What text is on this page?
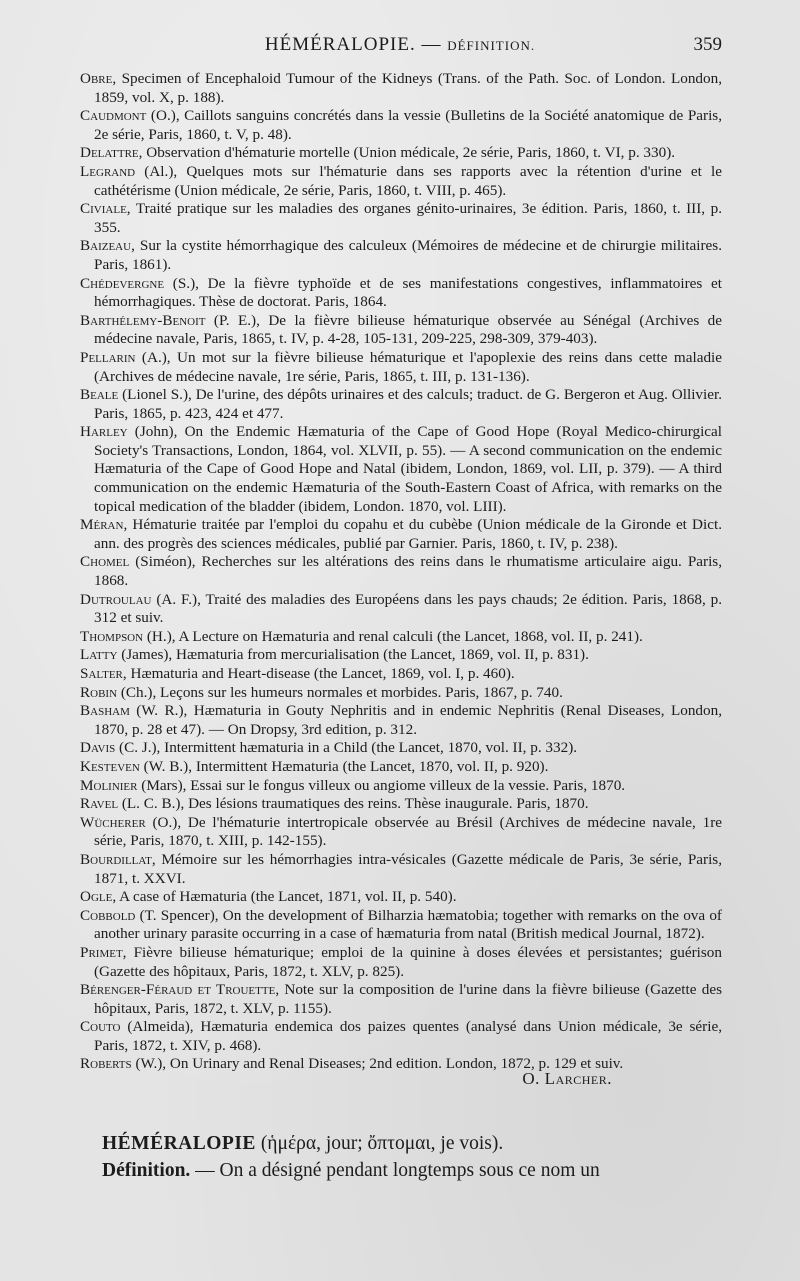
HÉMÉRALOPIE. — DÉFINITION.	359

Obre, Specimen of Encephaloid Tumour of the Kidneys (Trans. of the Path. Soc. of London. London, 1859, vol. X, p. 188).

Caudmont (O.), Caillots sanguins concrétés dans la vessie (Bulletins de la Société anatomique de Paris, 2e série, Paris, 1860, t. V, p. 48).

Delattre, Observation d'hématurie mortelle (Union médicale, 2e série, Paris, 1860, t. VI, p. 330).

Legrand (Al.), Quelques mots sur l'hématurie dans ses rapports avec la rétention d'urine et le cathétérisme (Union médicale, 2e série, Paris, 1860, t. VIII, p. 465).

Civiale, Traité pratique sur les maladies des organes génito-urinaires, 3e édition. Paris, 1860, t. III, p. 355.

Baizeau, Sur la cystite hémorrhagique des calculeux (Mémoires de médecine et de chirurgie militaires. Paris, 1861).

Chédevergne (S.), De la fièvre typhoïde et de ses manifestations congestives, inflammatoires et hémorrhagiques. Thèse de doctorat. Paris, 1864.

Barthélemy-Benoit (P. E.), De la fièvre bilieuse hématurique observée au Sénégal (Archives de médecine navale, Paris, 1865, t. IV, p. 4-28, 105-131, 209-225, 298-309, 379-403).

Pellarin (A.), Un mot sur la fièvre bilieuse hématurique et l'apoplexie des reins dans cette maladie (Archives de médecine navale, 1re série, Paris, 1865, t. III, p. 131-136).

Beale (Lionel S.), De l'urine, des dépôts urinaires et des calculs; traduct. de G. Bergeron et Aug. Ollivier. Paris, 1865, p. 423, 424 et 477.

Harley (John), On the Endemic Hæmaturia of the Cape of Good Hope (Royal Medico-chirurgical Society's Transactions, London, 1864, vol. XLVII, p. 55). — A second communication on the endemic Hæmaturia of the Cape of Good Hope and Natal (ibidem, London, 1869, vol. LII, p. 379). — A third communication on the endemic Hæmaturia of the South-Eastern Coast of Africa, with remarks on the topical medication of the bladder (ibidem, London. 1870, vol. LIII).

Méran, Hématurie traitée par l'emploi du copahu et du cubèbe (Union médicale de la Gironde et Dict. ann. des progrès des sciences médicales, publié par Garnier. Paris, 1860, t. IV, p. 238).

Chomel (Siméon), Recherches sur les altérations des reins dans le rhumatisme articulaire aigu. Paris, 1868.

Dutroulau (A. F.), Traité des maladies des Européens dans les pays chauds; 2e édition. Paris, 1868, p. 312 et suiv.

Thompson (H.), A Lecture on Hæmaturia and renal calculi (the Lancet, 1868, vol. II, p. 241).

Latty (James), Hæmaturia from mercurialisation (the Lancet, 1869, vol. II, p. 831).

Salter, Hæmaturia and Heart-disease (the Lancet, 1869, vol. I, p. 460).

Robin (Ch.), Leçons sur les humeurs normales et morbides. Paris, 1867, p. 740.

Basham (W. R.), Hæmaturia in Gouty Nephritis and in endemic Nephritis (Renal Diseases, London, 1870, p. 28 et 47). — On Dropsy, 3rd edition, p. 312.

Davis (C. J.), Intermittent hæmaturia in a Child (the Lancet, 1870, vol. II, p. 332).

Kesteven (W. B.), Intermittent Hæmaturia (the Lancet, 1870, vol. II, p. 920).

Molinier (Mars), Essai sur le fongus villeux ou angiome villeux de la vessie. Paris, 1870.

Ravel (L. C. B.), Des lésions traumatiques des reins. Thèse inaugurale. Paris, 1870.

Wücherer (O.), De l'hématurie intertropicale observée au Brésil (Archives de médecine navale, 1re série, Paris, 1870, t. XIII, p. 142-155).

Bourdillat, Mémoire sur les hémorrhagies intra-vésicales (Gazette médicale de Paris, 3e série, Paris, 1871, t. XXVI.

Ogle, A case of Hæmaturia (the Lancet, 1871, vol. II, p. 540).

Cobbold (T. Spencer), On the development of Bilharzia hæmatobia; together with remarks on the ova of another urinary parasite occurring in a case of hæmaturia from natal (British medical Journal, 1872).

Primet, Fièvre bilieuse hématurique; emploi de la quinine à doses élevées et persistantes; guérison (Gazette des hôpitaux, Paris, 1872, t. XLV, p. 825).

Bérenger-Féraud et Trouette, Note sur la composition de l'urine dans la fièvre bilieuse (Gazette des hôpitaux, Paris, 1872, t. XLV, p. 1155).

Couto (Almeida), Hæmaturia endemica dos paizes quentes (analysé dans Union médicale, 3e série, Paris, 1872, t. XIV, p. 468).

Roberts (W.), On Urinary and Renal Diseases; 2nd edition. London, 1872, p. 129 et suiv.

O. Larcher.
HÉMÉRALOPIE (ἡμέρα, jour; ὄπτομαι, je vois).
Définition. — On a désigné pendant longtemps sous ce nom un
